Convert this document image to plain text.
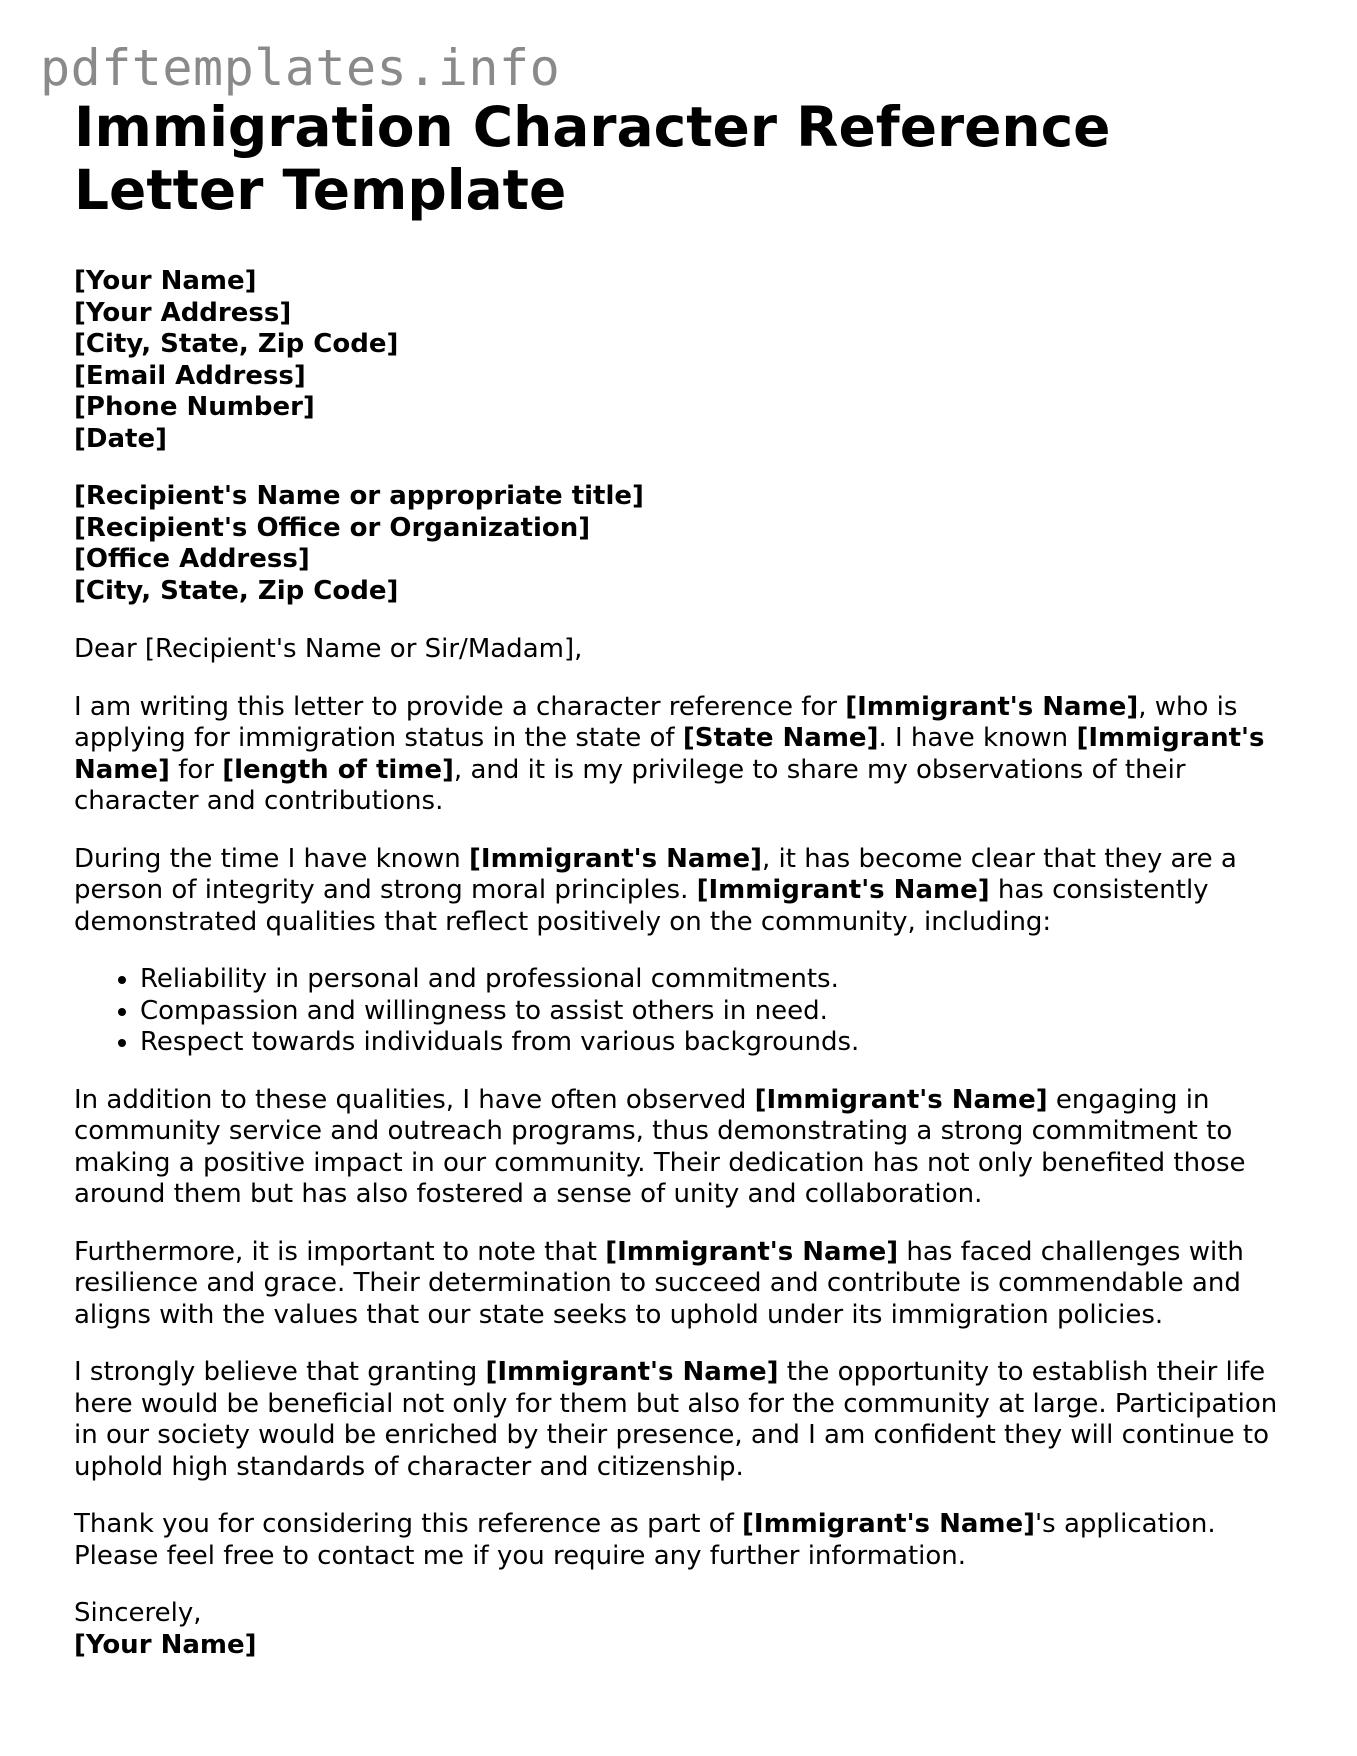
pdftemplates.info
Immigration Character Reference Letter Template
[Your Name]
[Your Address]
[City, State, Zip Code]
[Email Address]
[Phone Number]
[Date]
[Recipient's Name or appropriate title]
[Recipient's Office or Organization]
[Office Address]
[City, State, Zip Code]
Dear [Recipient's Name or Sir/Madam],

I am writing this letter to provide a character reference for [Immigrant's Name], who is applying for immigration status in the state of [State Name]. I have known [Immigrant's Name] for [length of time], and it is my privilege to share my observations of their character and contributions.

During the time I have known [Immigrant's Name], it has become clear that they are a person of integrity and strong moral principles. [Immigrant's Name] has consistently demonstrated qualities that reflect positively on the community, including:

• Reliability in personal and professional commitments.
• Compassion and willingness to assist others in need.
• Respect towards individuals from various backgrounds.

In addition to these qualities, I have often observed [Immigrant's Name] engaging in community service and outreach programs, thus demonstrating a strong commitment to making a positive impact in our community. Their dedication has not only benefited those around them but has also fostered a sense of unity and collaboration.

Furthermore, it is important to note that [Immigrant's Name] has faced challenges with resilience and grace. Their determination to succeed and contribute is commendable and aligns with the values that our state seeks to uphold under its immigration policies.

I strongly believe that granting [Immigrant's Name] the opportunity to establish their life here would be beneficial not only for them but also for the community at large. Participation in our society would be enriched by their presence, and I am confident they will continue to uphold high standards of character and citizenship.

Thank you for considering this reference as part of [Immigrant's Name]'s application. Please feel free to contact me if you require any further information.

Sincerely,
[Your Name]
